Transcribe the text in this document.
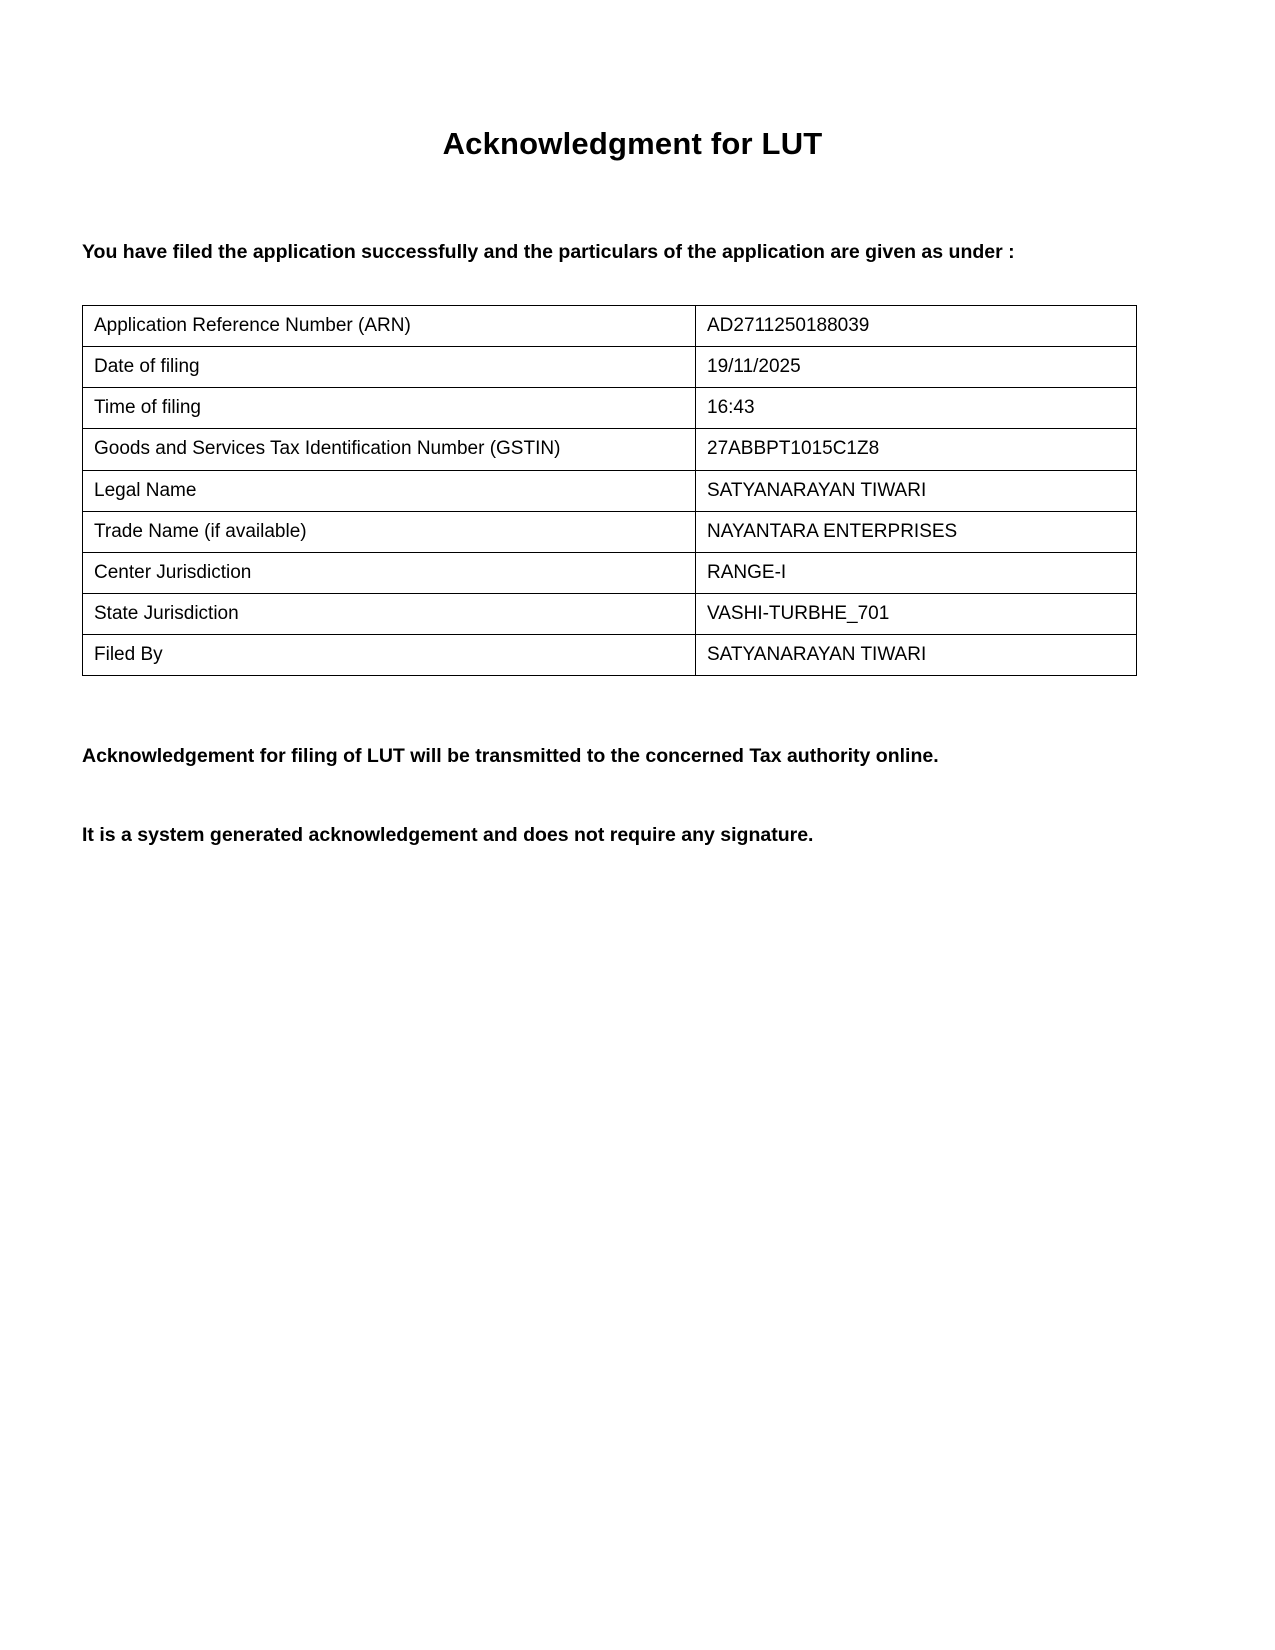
Acknowledgment for LUT

You have filed the application successfully and the particulars of the application are given as under :

Application Reference Number (ARN)	AD2711250188039
Date of filing	19/11/2025
Time of filing	16:43
Goods and Services Tax Identification Number (GSTIN)	27ABBPT1015C1Z8
Legal Name	SATYANARAYAN TIWARI
Trade Name (if available)	NAYANTARA ENTERPRISES
Center Jurisdiction	RANGE-I
State Jurisdiction	VASHI-TURBHE_701
Filed By	SATYANARAYAN TIWARI

Acknowledgement for filing of LUT will be transmitted to the concerned Tax authority online.

It is a system generated acknowledgement and does not require any signature.
